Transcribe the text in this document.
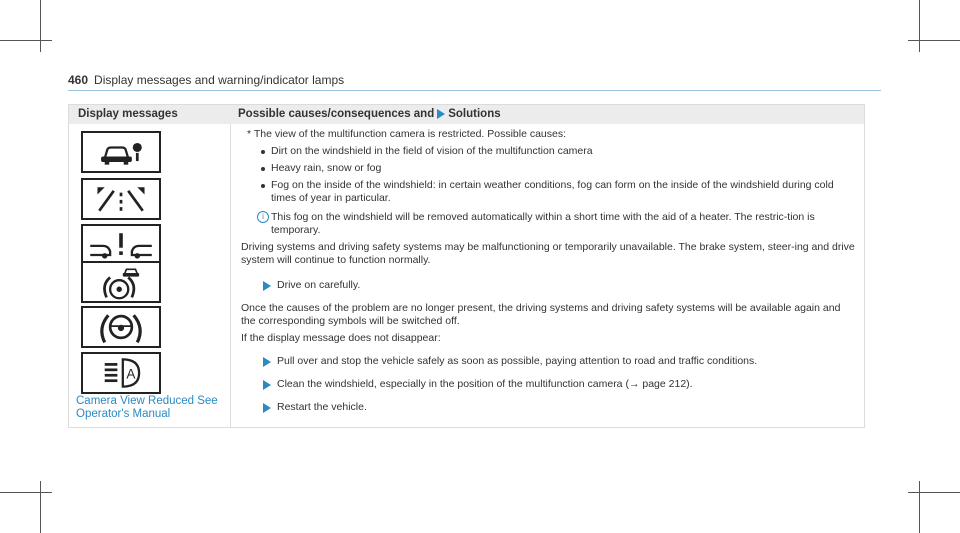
460 Display messages and warning/indicator lamps
Display messages	Possible causes/consequences and Solutions
A
Camera View Reduced See
Operator's Manual

* The view of the multifunction camera is restricted. Possible causes:

Dirt on the windshield in the field of vision of the multifunction camera
Heavy rain, snow or fog
Fog on the inside of the windshield: in certain weather conditions, fog can form on the inside of the windshield during cold times of year in particular.
i This fog on the windshield will be removed automatically within a short time with the aid of a heater. The restric-tion is temporary.

Driving systems and driving safety systems may be malfunctioning or temporarily unavailable. The brake system, steer-ing and drive system will continue to function normally.

Drive on carefully.

Once the causes of the problem are no longer present, the driving systems and driving safety systems will be available again and the corresponding symbols will be switched off.

If the display message does not disappear:

Pull over and stop the vehicle safely as soon as possible, paying attention to road and traffic conditions.
Clean the windshield, especially in the position of the multifunction camera (→ page 212).
Restart the vehicle.
